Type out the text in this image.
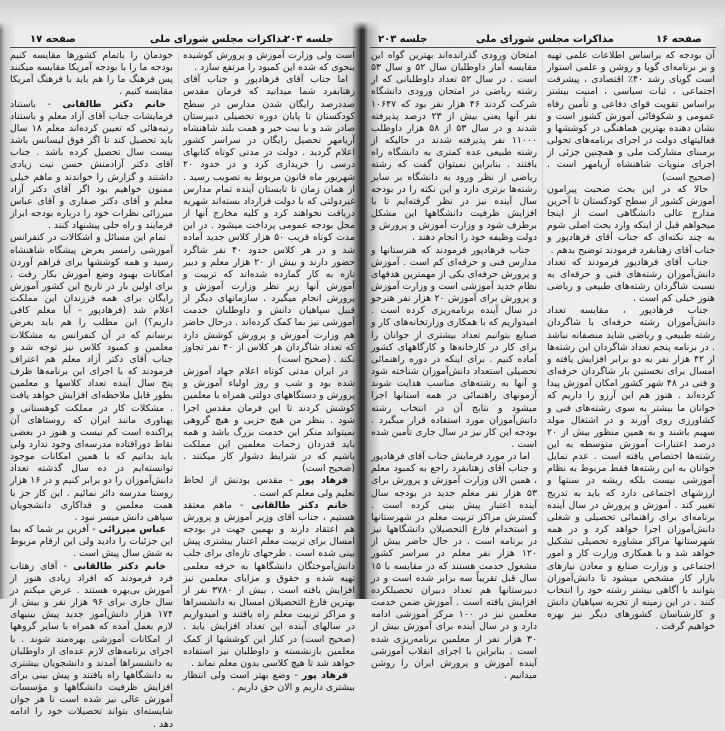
صفحه ۱۷	مذاکرات مجلس شورای ملی
جلسه ۲۰۳

است ولی وزارت آموزش و پرورش کوشیده بنحوی که شده این کمبود را مرتفع سازد .

اما جناب آقای فرهادپور و جناب آقای زهتابفرد شما میدانید که فرمان مقدس صددرصد رایگان شدن مدارس در سطح کودکستان تا پایان دوره تحصیلی دبیرستان صادر شد و با نیت خیر و همت بلند شاهنشاه آریامهر تحصیل رایگان در سراسر کشور اعلام گردید . دولت در مدتی کوتاه کتابهای درسی را خریداری کرد و در حدود ۲۰ شهریور ماه قانون مربوط به تصویب رسید . از همان زمان تا تابستان آینده تمام مدارس غیردولتی که با دولت قرارداد بسته‌اند شهریه دریافت نخواهند کرد و کلیه مخارج آنها از محل بودجه عمومی پرداخت میشود . در این مدت کوتاه قریب ۵۰ هزار کلاس جدید آماده شد و در هر کلاس حدود ۴۰ نفر شاگرد حضور دارند و بیش از ۲۰ هزار معلم و دبیر تازه به کار گمارده شده‌اند که تربیت و آموزش آنها زیر نظر وزارت آموزش و پرورش انجام میگیرد . سازمانهای دیگر از قبیل سپاهیان دانش و داوطلبان خدمت آموزشی نیز بما کمک کرده‌اند . درحال حاضر هم وزارت آموزش و پرورش کوشش دارد که تعداد شاگردان هر کلاس از ۴۰ نفر تجاوز نکند . (صحیح است)

در ایران مدتی کوتاه اعلام جهاد آموزش شده بود و شب و روز اولیاء آموزش و پرورش و دستگاههای دولتی همراه با معلمین کوشش کردند تا این فرمان مقدس اجرا شود . بنظر من هیچ حزبی و هیچ گروهی نمیتواند منکر این خدمت بزرگ باشد و همه باید قدردان زحمات معلمین این مملکت باشیم که در شرایط دشوار کار میکنند . (صحیح است)

فرهاد پور - مقدس بودنش از لحاظ تعلیم ولی معلم کم است .

خانم دکتر طالقانی - ماهم معتقد هستیم ، جناب آقای وزیر آموزش و پرورش هم اعتقاد دارند و بهمین جهت در بودجه امسال برای تربیت معلم اعتبار بیشتری پیش بینی شده است . طرحهای تازه‌ای برای جلب دانش‌آموختگان دانشگاهها به حرفه معلمی تهیه شده و حقوق و مزایای معلمین نیز افزایش یافته است . بیش از ۳۷۸۰ نفر از بهترین فارغ التحصیلان امسال به دانشسراها و مراکز تربیت معلم راه یافتند و امیدواریم در سالهای آینده این تعداد افزایش یابد . (صحیح است) در کنار این کوششها از کمک معلمین بازنشسته و داوطلبان نیز استفاده خواهد شد تا هیچ کلاسی بدون معلم نماند .

فرهاد پور - وضع بهتر است ولی انتظار بیشتری داریم و الان حق داریم .

خودمان را باتمام کشورها مقایسه کنیم بودجه ما را با بودجه آمریکا مقایسه میکنند پس فرهنگ ما را هم باید با فرهنگ آمریکا مقایسه کنیم .

خانم دکتر طالقانی - باستناد فرمایشات جناب آقای آزاد معلم و باستناد رتبه‌هائی که تعیین کرده‌اند معلم ۱۸ سال باید تحصیل کند تا اگر فوق لیسانس باشد بیست سال تحصیل کرده باشد . جناب آقای دکتر آزادمنش حسن نیت زیادی داشتند و گزارش را خواندند و ماهم خیلی ممنون خواهیم بود اگر آقای دکتر آزاد معلم و آقای دکتر صفاری و آقای عباس میرزائی نظرات خود را درباره بودجه ابراز فرمایند و راه حلی پیشنهاد کنند .

تمام این مسائل و اشکالات در کنفرانس آموزشی رامسر بعرض پیشگاه شاهنشاه رسید و همه کوششها برای فراهم آوردن امکانات بهبود وضع آموزش بکار رفت . برای اولین بار در تاریخ این کشور آموزش رایگان برای همه فرزندان این مملکت اعلام شد (فرهادپور - آیا معلم کافی داریم؟) این مطلب را هم باید بعرض برسانم که در آن کنفرانس به مشکلات معلمین و کمبود کلاس نیز توجه شد و جناب آقای دکتر آزاد معلم هم اعتراف فرمودند که با اجرای این برنامه‌ها ظرف پنج سال آینده تعداد کلاسها و معلمین بطور قابل ملاحظه‌ای افزایش خواهد یافت . مشکلات کار در مملکت کوهستانی و پهناوری مانند ایران که روستاهای آن پراکنده است کم نیست و هنوز در بعضی نقاط دورافتاده مدرسه‌ای وجود ندارد ولی باید بدانیم که با همین امکانات موجود توانسته‌ایم در ده سال گذشته تعداد دانش‌آموزان را دو برابر کنیم و در ۱۶ هزار روستا مدرسه دائر نمائیم . این کار جز با همت معلمین و فداکاری دانشجویان سپاهی دانش میسر نبود .

عباس میرزائی - آفرین بر شما که بما این جزئیات را دادید ولی این ارقام مربوط به شش سال پیش است .

خانم دکتر طالقانی - آقای زهتاب فرد فرمودند که افراد زیادی هنوز از آموزش بی‌بهره هستند . عرض میکنم در سال جاری برای ۹۶ هزار نفر و بیش از ۱۷۴ هزار دانش‌آموز جدید پیش بینیهای لازم بعمل آمده که همراه با سایر گروهها از امکانات آموزشی بهره‌مند شوند . با اجرای برنامه‌های لازم عده‌ای از داوطلبان به دانشسراها آمدند و دانشجویان بیشتری به دانشگاهها راه یافتند و پیش بینی برای افزایش ظرفیت دانشگاهها و مؤسسات آموزش عالی نیز شده است تا هر جوان شایسته‌ای بتواند تحصیلات خود را ادامه دهد .

جلسه ۲۰۳	مذاکرات مجلس شورای ملی	صفحه ۱۶

آن بودجه که براساس اطلاعات علمی تهیه و بر برنامه‌ای گویا و روشن و علمی استوار است گویای رشد ۴۰٪ اقتصادی ، پیشرفت اجتماعی ، ثبات سیاسی ، امنیت بیشتر براساس تقویت قوای دفاعی و تأمین رفاه عمومی و شکوفائی آموزش کشور است و نشان دهنده بهترین هماهنگی در کوششها و فعالیتهای دولت در اجرای برنامه‌های تحولی برمبنای مشارکت ملی و همچنین جزئی از اجرای منویات شاهنشاه آریامهر است . (صحیح است)

حالا که در این بحث صحبت پیرامون آموزش کشور از سطح کودکستان تا آخرین مدارج عالی دانشگاهی است از اینجا میخواهم قبل از اینکه وارد بحث اصلی شوم به چند نکته‌ای که جناب آقای فرهادپور و جناب آقای زهتابفرد فرمودند توضیح بدهم .

جناب آقای فرهادپور فرمودند که تعداد دانش‌آموزان رشته‌های فنی و حرفه‌ای به نسبت شاگردان رشته‌های طبیعی و ریاضی هنوز خیلی کم است .

جناب فرهادپور ، مقایسه تعداد دانش‌آموزان رشته حرفه‌ای با شاگردان رشته طبیعی و ریاضی شاید منصفانه نباشد . در برنامه پنجم تعداد شاگردان این رشته‌ها از ۴۲ هزار نفر به دو برابر افزایش یافته و امسال برای نخستین بار شاگردان حرفه‌ای و فنی در ۴۸ شهر کشور امکان آموزش پیدا کرده‌اند . هنوز هم این آرزو را داریم که جوانان ما بیشتر به سوی رشته‌های فنی و کشاورزی روی آورند و در اشتغال مولد سهیم باشند و به همین منظور بیش از ۲۰ درصد اعتبارات آموزش متوسطه به این رشته‌ها اختصاص یافته است . عدم تمایل جوانان به این رشته‌ها فقط مربوط به نظام آموزشی نیست بلکه ریشه در سنتها و ارزشهای اجتماعی دارد که باید به تدریج تغییر کند . آموزش و پرورش در سال آینده برنامه‌ای برای راهنمائی تحصیلی و شغلی دانش‌آموزان اجرا خواهد کرد و در همه شهرستانها مراکز مشاوره تحصیلی تشکیل خواهد شد و با همکاری وزارت کار و امور اجتماعی و وزارت صنایع و معادن نیازهای بازار کار مشخص میشود تا دانش‌آموزان بتوانند با آگاهی بیشتر رشته خود را انتخاب کنند . در این زمینه از تجربه سپاهیان دانش و کارشناسان کشورهای دیگر نیز بهره خواهیم گرفت .

امتحان ورودی گذرانده‌اند بهترین گواه این مقایسه آمار داوطلبان سال ۵۲ و سال ۵۳ است . در سال ۵۲ تعداد داوطلبانی که از رشته ریاضی در امتحان ورودی دانشگاه شرکت کردند ۴۶ هزار نفر بود که ۱۰۶۴۷ نفر آنها یعنی بیش از ۲۳ درصد پذیرفته شدند و در سال ۵۳ از ۵۸ هزار داوطلب ۱۱۰۰۰ نفر پذیرفته شدند در حالیکه از رشته طبیعی عده کمتری به دانشگاه راه یافتند . بنابراین نمیتوان گفت که رشته ریاضی از نظر ورود به دانشگاه بر سایر رشته‌ها برتری دارد و این نکته را در بودجه سال آینده نیز در نظر گرفته‌ایم تا با افزایش ظرفیت دانشگاهها این مشکل برطرف شود و وزارت آموزش و پرورش و دولت وظیفه خود را انجام دهند .

جناب فرهادپور فرمودند که هنرستانها و مدارس فنی و حرفه‌ای کم است . آموزش و پرورش حرفه‌ای یکی از مهمترین هدفهای نظام جدید آموزشی است و وزارت آموزش و پرورش برای آموزش ۲۰ هزار نفر هنرجو در سال آینده برنامه‌ریزی کرده است . امیدواریم که با همکاری وزارتخانه‌های کار و صنایع بتوانیم تعداد بیشتری از جوانان را برای کار در کارخانه‌ها و کارگاههای کشور آماده کنیم . برای اینکه در دوره راهنمائی تحصیلی استعداد دانش‌آموزان شناخته شود و آنها به رشته‌های مناسب هدایت شوند آزمونهای راهنمائی در همه استانها اجرا میشود و نتایج آن در انتخاب رشته دانش‌آموزان مورد استفاده قرار میگیرد . بودجه این کار نیز در سال جاری تأمین شده است .

اما در مورد فرمایش جناب آقای فرهادپور و جناب آقای زهتابفرد راجع به کمبود معلم ، همین الان وزارت آموزش و پرورش برای ۵۳ هزار نفر معلم جدید در بودجه سال آینده اعتبار پیش بینی کرده است . گسترش مراکز تربیت معلم در شهرستانها و استخدام فارغ التحصیلان دانشگاهها نیز در برنامه است . در حال حاضر بیش از ۱۲۰ هزار نفر معلم در سراسر کشور مشغول خدمت هستند که در مقایسه با ۱۵ سال قبل تقریباً سه برابر شده است و در دبیرستانها هم تعداد دبیران تحصیلکرده افزایش یافته است . آموزش ضمن خدمت معلمین نیز در ۱۰۰ مرکز آموزشی ادامه دارد و در سال آینده برای آموزش بیش از ۳۰ هزار نفر از معلمین برنامه‌ریزی شده است . بنابراین با اجرای انقلاب آموزشی آینده آموزش و پرورش ایران را روشن میدانیم .
